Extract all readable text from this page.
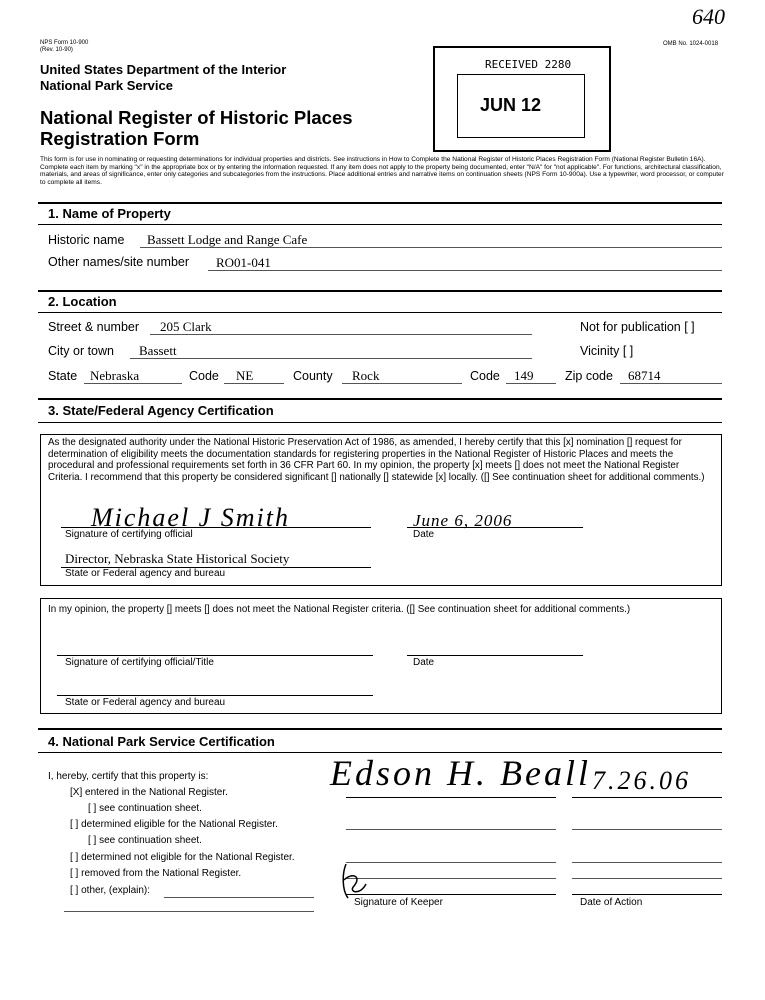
NPS Form 10-900
(Rev. 10-90)
OMB No. 1024-0018
640
United States Department of the Interior
National Park Service
National Register of Historic Places
Registration Form
RECEIVED 2280
JUN 12
This form is for use in nominating or requesting determinations for individual properties and districts. See instructions in How to Complete the National Register of Historic Places Registration Form (National Register Bulletin 16A). Complete each item by marking "x" in the appropriate box or by entering the information requested. If any item does not apply to the property being documented, enter "N/A" for "not applicable". For functions, architectural classification, materials, and areas of significance, enter only categories and subcategories from the instructions. Place additional entries and narrative items on continuation sheets (NPS Form 10-900a). Use a typewriter, word processor, or computer to complete all items.
1. Name of Property
Historic name Bassett Lodge and Range Cafe
Other names/site number RO01-041
2. Location
Street & number 205 Clark	Not for publication [ ]
City or town Bassett	Vicinity [ ]
State Nebraska	Code NE	County Rock	Code 149	Zip code 68714
3. State/Federal Agency Certification
As the designated authority under the National Historic Preservation Act of 1986, as amended, I hereby certify that this [x] nomination [] request for determination of eligibility meets the documentation standards for registering properties in the National Register of Historic Places and meets the procedural and professional requirements set forth in 36 CFR Part 60. In my opinion, the property [x] meets [] does not meet the National Register Criteria. I recommend that this property be considered significant [] nationally [] statewide [x] locally. ([] See continuation sheet for additional comments.)
Michael J Smith
Signature of certifying official
June 6, 2006
Date
Director, Nebraska State Historical Society
State or Federal agency and bureau
In my opinion, the property [] meets [] does not meet the National Register criteria. ([] See continuation sheet for additional comments.)
Signature of certifying official/Title	Date
State or Federal agency and bureau
4. National Park Service Certification
I, hereby, certify that this property is:
[X] entered in the National Register.
[ ] see continuation sheet.
[ ] determined eligible for the National Register.
[ ] see continuation sheet.
[ ] determined not eligible for the National Register.
[ ] removed from the National Register.
[ ] other, (explain):
Edson H. Beall 7.26.06
Signature of Keeper	Date of Action
